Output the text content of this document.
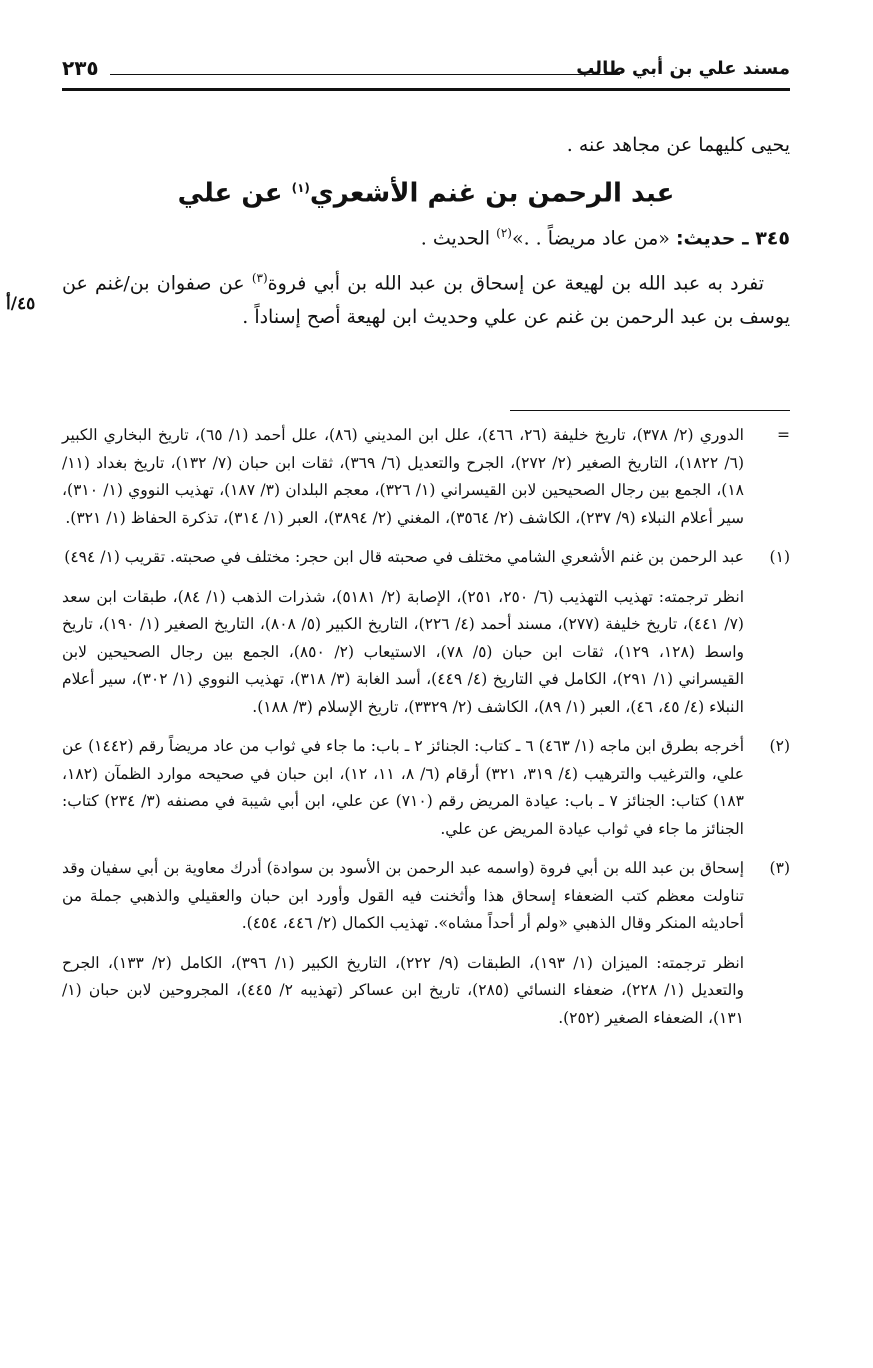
مسند علي بن أبي طالب
٢٣٥
٤٥/أ

يحيى كليهما عن مجاهد عنه .

عبد الرحمن بن غنم الأشعري$^{(١)}$ عن علي

٣٤٥ ـ حديث: «من عاد مريضاً . .»$^{(٢)}$ الحديث .

تفرد به عبد الله بن لهيعة عن إسحاق بن عبد الله بن أبي فروة$^{(٣)}$ عن صفوان بن/غنم عن يوسف بن عبد الرحمن بن غنم عن علي وحديث ابن لهيعة أصح إسناداً .

=
الدوري (٢/ ٣٧٨)، تاريخ خليفة (٢٦، ٤٦٦)، علل ابن المديني (٨٦)، علل أحمد (١/ ٦٥)، تاريخ البخاري الكبير (٦/ ١٨٢٢)، التاريخ الصغير (٢/ ٢٧٢)، الجرح والتعديل (٦/ ٣٦٩)، ثقات ابن حبان (٧/ ١٣٢)، تاريخ بغداد (١١/ ١٨)، الجمع بين رجال الصحيحين لابن القيسراني (١/ ٣٢٦)، معجم البلدان (٣/ ١٨٧)، تهذيب النووي (١/ ٣١٠)، سير أعلام النبلاء (٩/ ٢٣٧)، الكاشف (٢/ ٣٥٦٤)، المغني (٢/ ٣٨٩٤)، العبر (١/ ٣١٤)، تذكرة الحفاظ (١/ ٣٢١).
(١)
عبد الرحمن بن غنم الأشعري الشامي مختلف في صحبته قال ابن حجر: مختلف في صحبته. تقريب (١/ ٤٩٤)
انظر ترجمته: تهذيب التهذيب (٦/ ٢٥٠، ٢٥١)، الإصابة (٢/ ٥١٨١)، شذرات الذهب (١/ ٨٤)، طبقات ابن سعد (٧/ ٤٤١)، تاريخ خليفة (٢٧٧)، مسند أحمد (٤/ ٢٢٦)، التاريخ الكبير (٥/ ٨٠٨)، التاريخ الصغير (١/ ١٩٠)، تاريخ واسط (١٢٨، ١٢٩)، ثقات ابن حبان (٥/ ٧٨)، الاستيعاب (٢/ ٨٥٠)، الجمع بين رجال الصحيحين لابن القيسراني (١/ ٢٩١)، الكامل في التاريخ (٤/ ٤٤٩)، أسد الغابة (٣/ ٣١٨)، تهذيب النووي (١/ ٣٠٢)، سير أعلام النبلاء (٤/ ٤٥، ٤٦)، العبر (١/ ٨٩)، الكاشف (٢/ ٣٣٢٩)، تاريخ الإسلام (٣/ ١٨٨).
(٢)
أخرجه بطرق ابن ماجه (١/ ٤٦٣) ٦ ـ كتاب: الجنائز ٢ ـ باب: ما جاء في ثواب من عاد مريضاً رقم (١٤٤٢) عن علي، والترغيب والترهيب (٤/ ٣١٩، ٣٢١) أرقام (٦/ ٨، ١١، ١٢)، ابن حبان في صحيحه موارد الظمآن (١٨٢، ١٨٣) كتاب: الجنائز ٧ ـ باب: عيادة المريض رقم (٧١٠) عن علي، ابن أبي شيبة في مصنفه (٣/ ٢٣٤) كتاب: الجنائز ما جاء في ثواب عيادة المريض عن علي.
(٣)
إسحاق بن عبد الله بن أبي فروة (واسمه عبد الرحمن بن الأسود بن سوادة) أدرك معاوية بن أبي سفيان وقد تناولت معظم كتب الضعفاء إسحاق هذا وأثخنت فيه القول وأورد ابن حبان والعقيلي والذهبي جملة من أحاديثه المنكر وقال الذهبي «ولم أر أحداً مشاه». تهذيب الكمال (٢/ ٤٤٦، ٤٥٤).
انظر ترجمته: الميزان (١/ ١٩٣)، الطبقات (٩/ ٢٢٢)، التاريخ الكبير (١/ ٣٩٦)، الكامل (٢/ ١٣٣)، الجرح والتعديل (١/ ٢٢٨)، ضعفاء النسائي (٢٨٥)، تاريخ ابن عساكر (تهذيبه ٢/ ٤٤٥)، المجروحين لابن حبان (١/ ١٣١)، الضعفاء الصغير (٢٥٢).
